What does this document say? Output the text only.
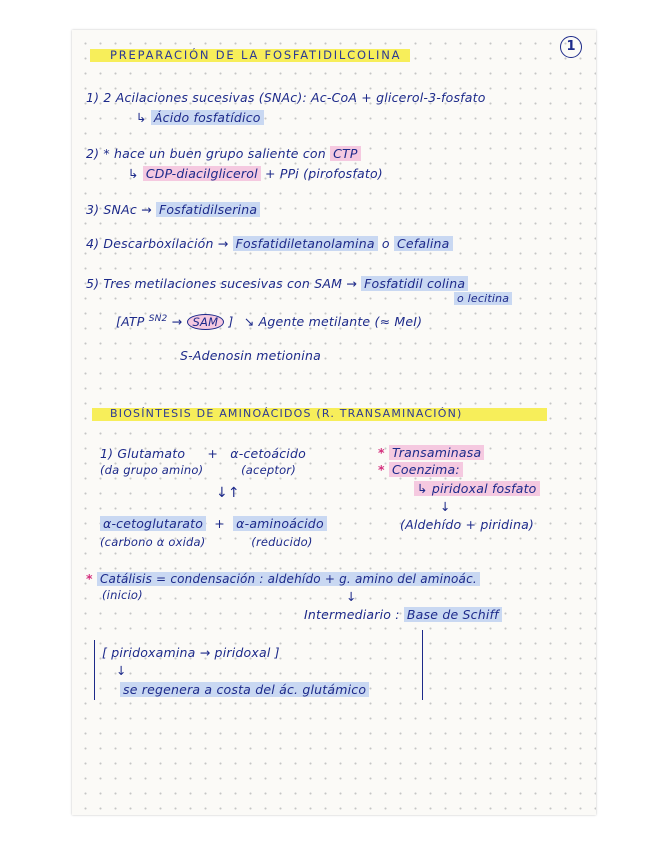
1
PREPARACIÓN DE LA FOSFATIDILCOLINA
1) 2 Acilaciones sucesivas (SNAc): Ac-CoA + glicerol-3-fosfato
↳ Ácido fosfatídico
2) * hace un buen grupo saliente con CTP
↳ CDP-diacilglicerol + PPi (pirofosfato)
3) SNAc → Fosfatidilserina
4) Descarboxilación → Fosfatidiletanolamina o Cefalina
5) Tres metilaciones sucesivas con SAM → Fosfatidil colina
o lecitina
[ATP $^{SN2}$ → SAM ] ↘ Agente metilante (≈ MeI)
S-Adenosin metionina
BIOSÍNTESIS DE AMINOÁCIDOS (R. TRANSAMINACIÓN)
1) Glutamato + α-cetoácido
(da grupo amino)	(aceptor)
* Transaminasa
* Coenzima:
↳ piridoxal fosfato
↓
↓↑
α-cetoglutarato + α-aminoácido	(Aldehído + piridina)
(carbono α oxida)	(reducido)
* Catálisis = condensación : aldehído + g. amino del aminoác.
(inicio)	↓
Intermediario : Base de Schiff
[ piridoxamina → piridoxal ]
↓
se regenera a costa del ác. glutámico
